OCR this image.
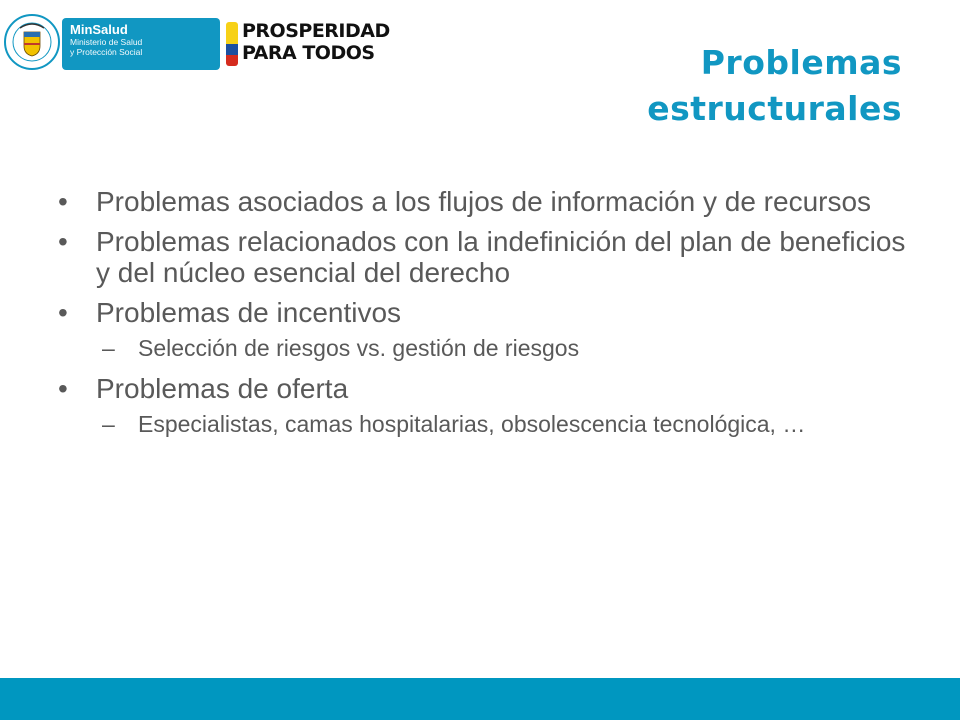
MinSalud
Ministerio de Salud
y Protección Social
PROSPERIDAD
PARA TODOS	Problemas
estructurales
•	Problemas asociados a los flujos de información y de recursos
•	Problemas relacionados con la indefinición del plan de beneficios y del núcleo esencial del derecho
•	Problemas de incentivos
– Selección de riesgos vs. gestión de riesgos
•	Problemas de oferta
– Especialistas, camas hospitalarias, obsolescencia tecnológica, …
